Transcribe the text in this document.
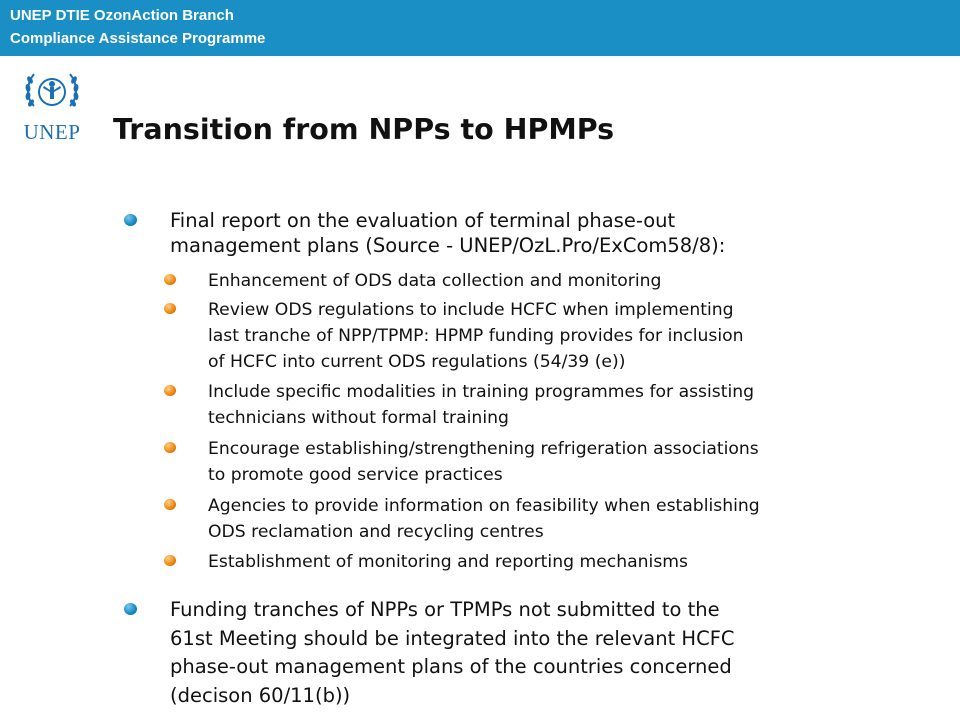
UNEP DTIE OzonAction Branch
Compliance Assistance Programme
UNEP Transition from NPPs to HPMPs
Final report on the evaluation of terminal phase-out
management plans (Source - UNEP/OzL.Pro/ExCom58/8):
Enhancement of ODS data collection and monitoring
Review ODS regulations to include HCFC when implementing
last tranche of NPP/TPMP: HPMP funding provides for inclusion
of HCFC into current ODS regulations (54/39 (e))
Include specific modalities in training programmes for assisting
technicians without formal training
Encourage establishing/strengthening refrigeration associations
to promote good service practices
Agencies to provide information on feasibility when establishing
ODS reclamation and recycling centres
Establishment of monitoring and reporting mechanisms
Funding tranches of NPPs or TPMPs not submitted to the
61st Meeting should be integrated into the relevant HCFC
phase-out management plans of the countries concerned
(decison 60/11(b))
